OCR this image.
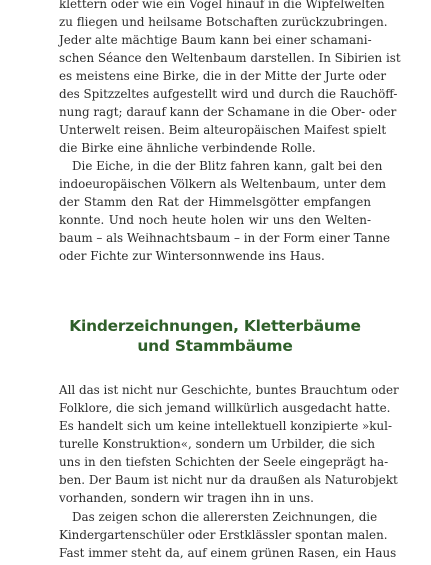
klettern oder wie ein Vogel hinauf in die Wipfelwelten
zu fliegen und heilsame Botschaften zurückzubringen.
Jeder alte mächtige Baum kann bei einer schamani-
schen Séance den Weltenbaum darstellen. In Sibirien ist
es meistens eine Birke, die in der Mitte der Jurte oder
des Spitzzeltes aufgestellt wird und durch die Rauchöff-
nung ragt; darauf kann der Schamane in die Ober- oder
Unterwelt reisen. Beim alteuropäischen Maifest spielt
die Birke eine ähnliche verbindende Rolle.
Die Eiche, in die der Blitz fahren kann, galt bei den
indoeuropäischen Völkern als Weltenbaum, unter dem
der Stamm den Rat der Himmelsgötter empfangen
konnte. Und noch heute holen wir uns den Welten-
baum – als Weihnachtsbaum – in der Form einer Tanne
oder Fichte zur Wintersonnwende ins Haus.
Kinderzeichnungen, Kletterbäume
und Stammbäume
All das ist nicht nur Geschichte, buntes Brauchtum oder
Folklore, die sich jemand willkürlich ausgedacht hatte.
Es handelt sich um keine intellektuell konzipierte »kul-
turelle Konstruktion«, sondern um Urbilder, die sich
uns in den tiefsten Schichten der Seele eingeprägt ha-
ben. Der Baum ist nicht nur da draußen als Naturobjekt
vorhanden, sondern wir tragen ihn in uns.
Das zeigen schon die allerersten Zeichnungen, die
Kindergartenschüler oder Erstklässler spontan malen.
Fast immer steht da, auf einem grünen Rasen, ein Haus
